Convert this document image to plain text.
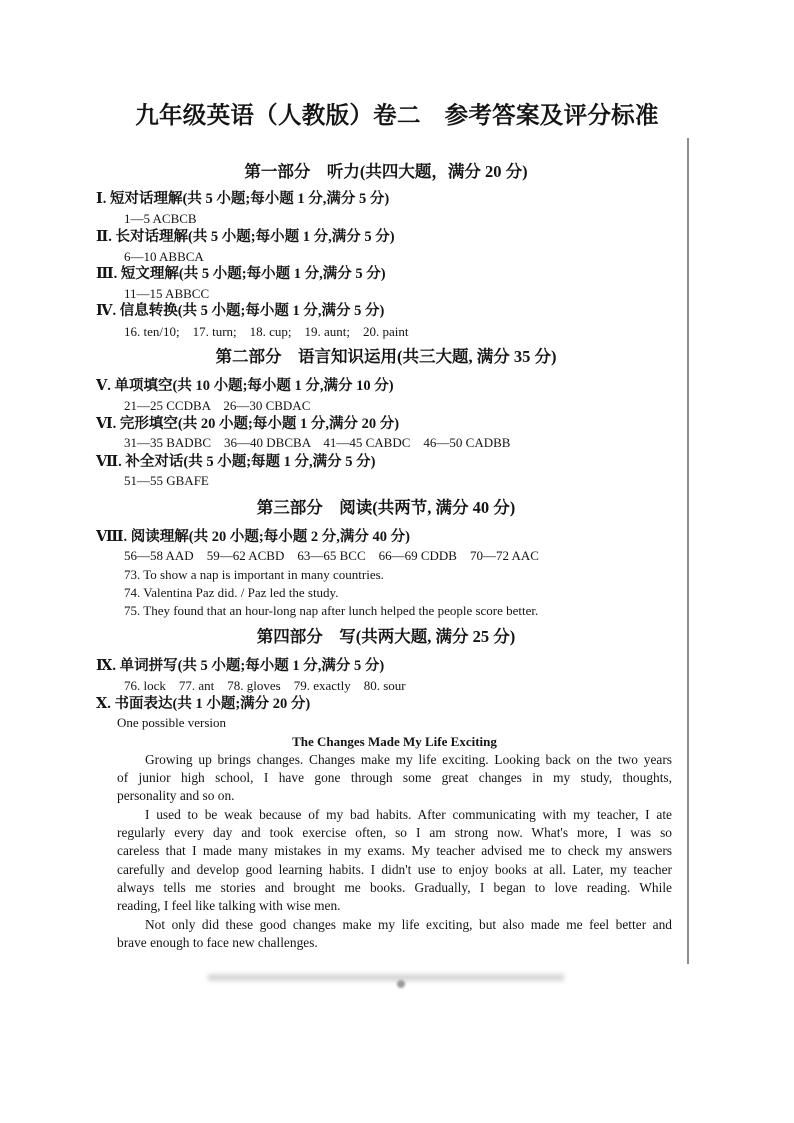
九年级英语（人教版）卷二　参考答案及评分标准
第一部分　听力(共四大题，满分 20 分)
Ⅰ. 短对话理解(共 5 小题;每小题 1 分,满分 5 分)
1—5 ACBCB
Ⅱ. 长对话理解(共 5 小题;每小题 1 分,满分 5 分)
6—10 ABBCA
Ⅲ. 短文理解(共 5 小题;每小题 1 分,满分 5 分)
11—15 ABBCC
Ⅳ. 信息转换(共 5 小题;每小题 1 分,满分 5 分)
16. ten/10;　17. turn;　18. cup;　19. aunt;　20. paint
第二部分　语言知识运用(共三大题, 满分 35 分)
Ⅴ. 单项填空(共 10 小题;每小题 1 分,满分 10 分)
21—25 CCDBA　26—30 CBDAC
Ⅵ. 完形填空(共 20 小题;每小题 1 分,满分 20 分)
31—35 BADBC　36—40 DBCBA　41—45 CABDC　46—50 CADBB
Ⅶ. 补全对话(共 5 小题;每题 1 分,满分 5 分)
51—55 GBAFE
第三部分　阅读(共两节, 满分 40 分)
Ⅷ. 阅读理解(共 20 小题;每小题 2 分,满分 40 分)
56—58 AAD　59—62 ACBD　63—65 BCC　66—69 CDDB　70—72 AAC
73. To show a nap is important in many countries.
74. Valentina Paz did. / Paz led the study.
75. They found that an hour-long nap after lunch helped the people score better.
第四部分　写(共两大题, 满分 25 分)
Ⅸ. 单词拼写(共 5 小题;每小题 1 分,满分 5 分)
76. lock　77. ant　78. gloves　79. exactly　80. sour
Ⅹ. 书面表达(共 1 小题;满分 20 分)
One possible version
The Changes Made My Life Exciting
Growing up brings changes. Changes make my life exciting. Looking back on the two years
of junior high school, I have gone through some great changes in my study, thoughts,
personality and so on.
I used to be weak because of my bad habits. After communicating with my teacher, I ate
regularly every day and took exercise often, so I am strong now. What's more, I was so
careless that I made many mistakes in my exams. My teacher advised me to check my answers
carefully and develop good learning habits. I didn't use to enjoy books at all. Later, my teacher
always tells me stories and brought me books. Gradually, I began to love reading. While
reading, I feel like talking with wise men.
Not only did these good changes make my life exciting, but also made me feel better and
brave enough to face new challenges.
